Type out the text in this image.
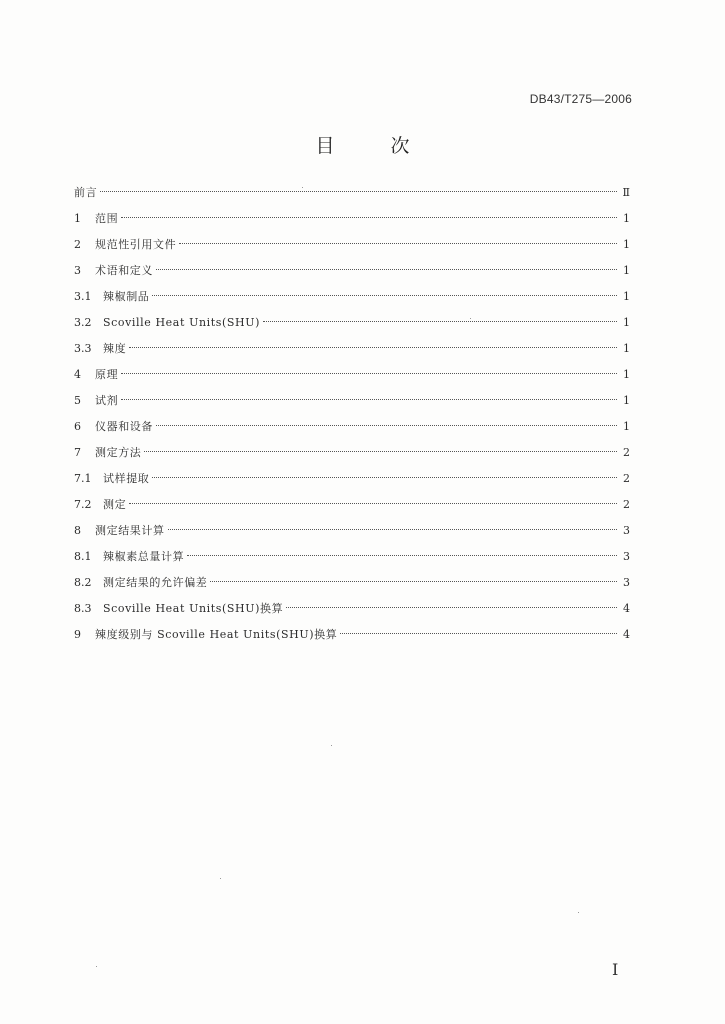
DB43/T275—2006
目	次
前言	Ⅱ
1	范围	1
2	规范性引用文件	1
3	术语和定义	1
3.1	辣椒制品	1
3.2	Scoville Heat Units(SHU)	1
3.3	辣度	1
4	原理	1
5	试剂	1
6	仪器和设备	1
7	测定方法	2
7.1	试样提取	2
7.2	测定	2
8	测定结果计算	3
8.1	辣椒素总量计算	3
8.2	测定结果的允许偏差	3
8.3	Scoville Heat Units(SHU)换算	4
9	辣度级别与 Scoville Heat Units(SHU)换算	4
I
